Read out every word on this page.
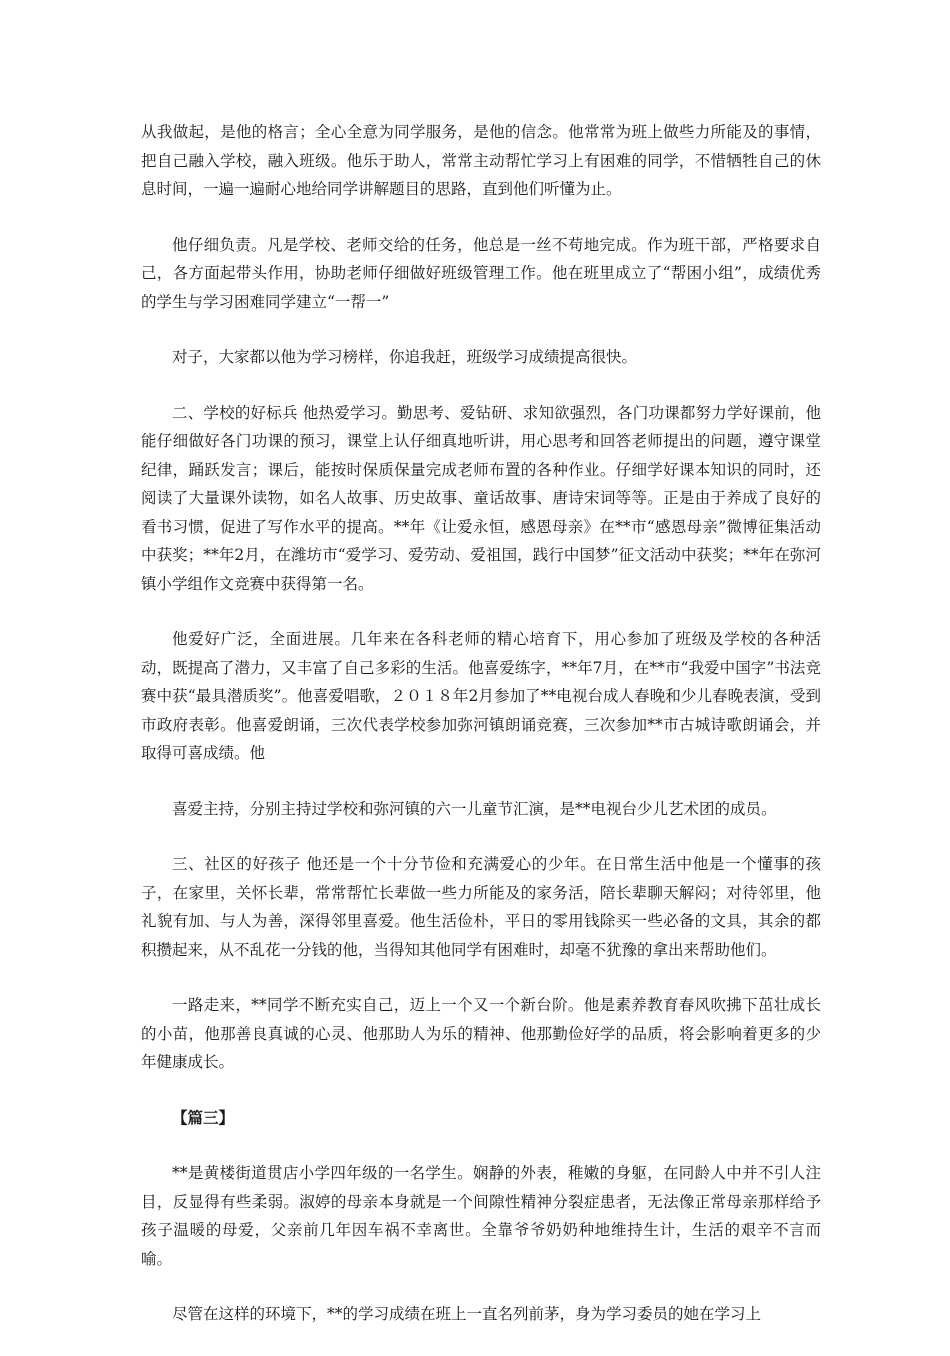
从我做起，是他的格言；全心全意为同学服务，是他的信念。他常常为班上做些力所能及的事情，把自己融入学校，融入班级。他乐于助人，常常主动帮忙学习上有困难的同学，不惜牺牲自己的休息时间，一遍一遍耐心地给同学讲解题目的思路，直到他们听懂为止。

他仔细负责。凡是学校、老师交给的任务，他总是一丝不苟地完成。作为班干部，严格要求自己，各方面起带头作用，协助老师仔细做好班级管理工作。他在班里成立了“帮困小组”，成绩优秀的学生与学习困难同学建立“一帮一”

对子，大家都以他为学习榜样，你追我赶，班级学习成绩提高很快。

二、学校的好标兵 他热爱学习。勤思考、爱钻研、求知欲强烈，各门功课都努力学好课前，他能仔细做好各门功课的预习，课堂上认仔细真地听讲，用心思考和回答老师提出的问题，遵守课堂纪律，踊跃发言；课后，能按时保质保量完成老师布置的各种作业。仔细学好课本知识的同时，还阅读了大量课外读物，如名人故事、历史故事、童话故事、唐诗宋词等等。正是由于养成了良好的看书习惯，促进了写作水平的提高。**年《让爱永恒，感恩母亲》在**市“感恩母亲”微博征集活动中获奖；**年2月，在潍坊市“爱学习、爱劳动、爱祖国，践行中国梦”征文活动中获奖；**年在弥河镇小学组作文竞赛中获得第一名。

他爱好广泛，全面进展。几年来在各科老师的精心培育下，用心参加了班级及学校的各种活动，既提高了潜力，又丰富了自己多彩的生活。他喜爱练字，**年7月，在**市“我爱中国字”书法竞赛中获“最具潜质奖”。他喜爱唱歌，２０１８年2月参加了**电视台成人春晚和少儿春晚表演，受到市政府表彰。他喜爱朗诵，三次代表学校参加弥河镇朗诵竞赛，三次参加**市古城诗歌朗诵会，并取得可喜成绩。他

喜爱主持，分别主持过学校和弥河镇的六一儿童节汇演，是**电视台少儿艺术团的成员。

三、社区的好孩子 他还是一个十分节俭和充满爱心的少年。在日常生活中他是一个懂事的孩子，在家里，关怀长辈，常常帮忙长辈做一些力所能及的家务活，陪长辈聊天解闷；对待邻里，他礼貌有加、与人为善，深得邻里喜爱。他生活俭朴，平日的零用钱除买一些必备的文具，其余的都积攒起来，从不乱花一分钱的他，当得知其他同学有困难时，却毫不犹豫的拿出来帮助他们。

一路走来，**同学不断充实自己，迈上一个又一个新台阶。他是素养教育春风吹拂下茁壮成长的小苗，他那善良真诚的心灵、他那助人为乐的精神、他那勤俭好学的品质，将会影响着更多的少年健康成长。

【篇三】

**是黄楼街道贯店小学四年级的一名学生。娴静的外表，稚嫩的身躯，在同龄人中并不引人注目，反显得有些柔弱。淑婷的母亲本身就是一个间隙性精神分裂症患者，无法像正常母亲那样给予孩子温暖的母爱，父亲前几年因车祸不幸离世。全靠爷爷奶奶种地维持生计，生活的艰辛不言而喻。

尽管在这样的环境下，**的学习成绩在班上一直名列前茅，身为学习委员的她在学习上
